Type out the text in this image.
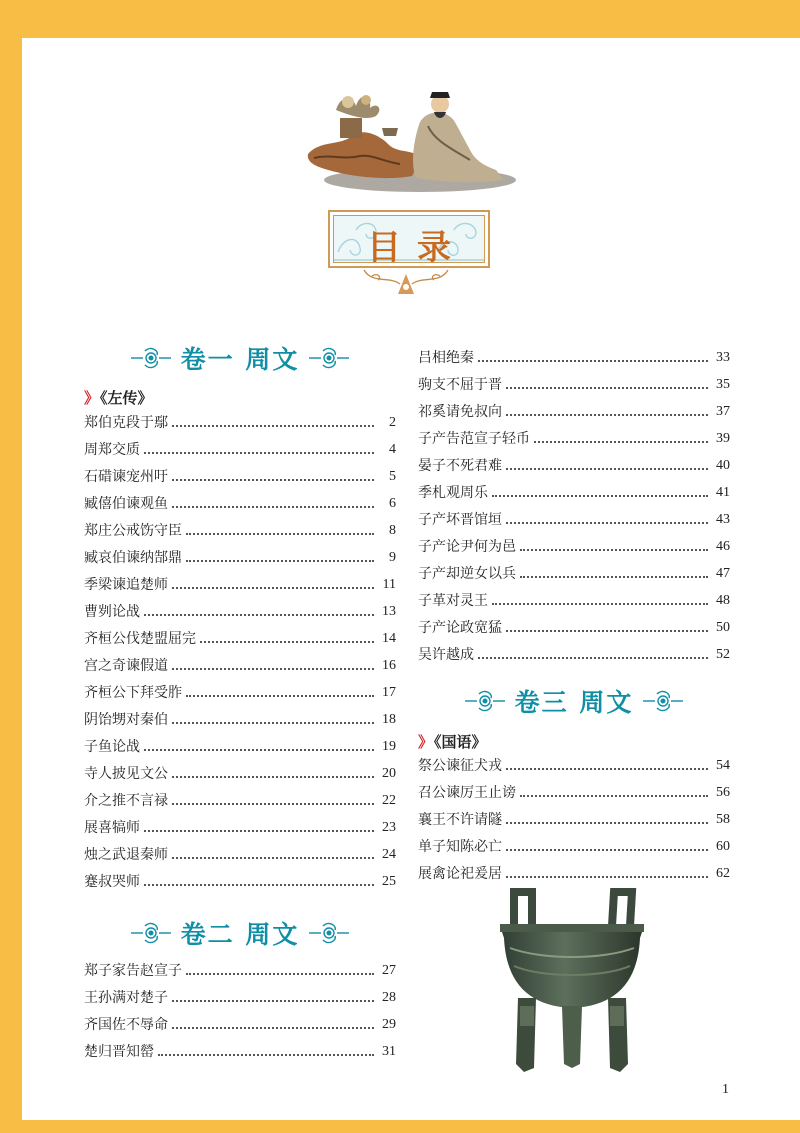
目录
卷一 周文
》《左传》
郑伯克段于鄢	2
周郑交质	4
石碏谏宠州吁	5
臧僖伯谏观鱼	6
郑庄公戒饬守臣	8
臧哀伯谏纳郜鼎	9
季梁谏追楚师	11
曹刿论战	13
齐桓公伐楚盟屈完	14
宫之奇谏假道	16
齐桓公下拜受胙	17
阴饴甥对秦伯	18
子鱼论战	19
寺人披见文公	20
介之推不言禄	22
展喜犒师	23
烛之武退秦师	24
蹇叔哭师	25
卷二 周文
郑子家告赵宣子	27
王孙满对楚子	28
齐国佐不辱命	29
楚归晋知罃	31
吕相绝秦	33
驹支不屈于晋	35
祁奚请免叔向	37
子产告范宣子轻币	39
晏子不死君难	40
季札观周乐	41
子产坏晋馆垣	43
子产论尹何为邑	46
子产却逆女以兵	47
子革对灵王	48
子产论政宽猛	50
吴许越成	52
卷三 周文
》《国语》
祭公谏征犬戎	54
召公谏厉王止谤	56
襄王不许请隧	58
单子知陈必亡	60
展禽论祀爰居	62
1
